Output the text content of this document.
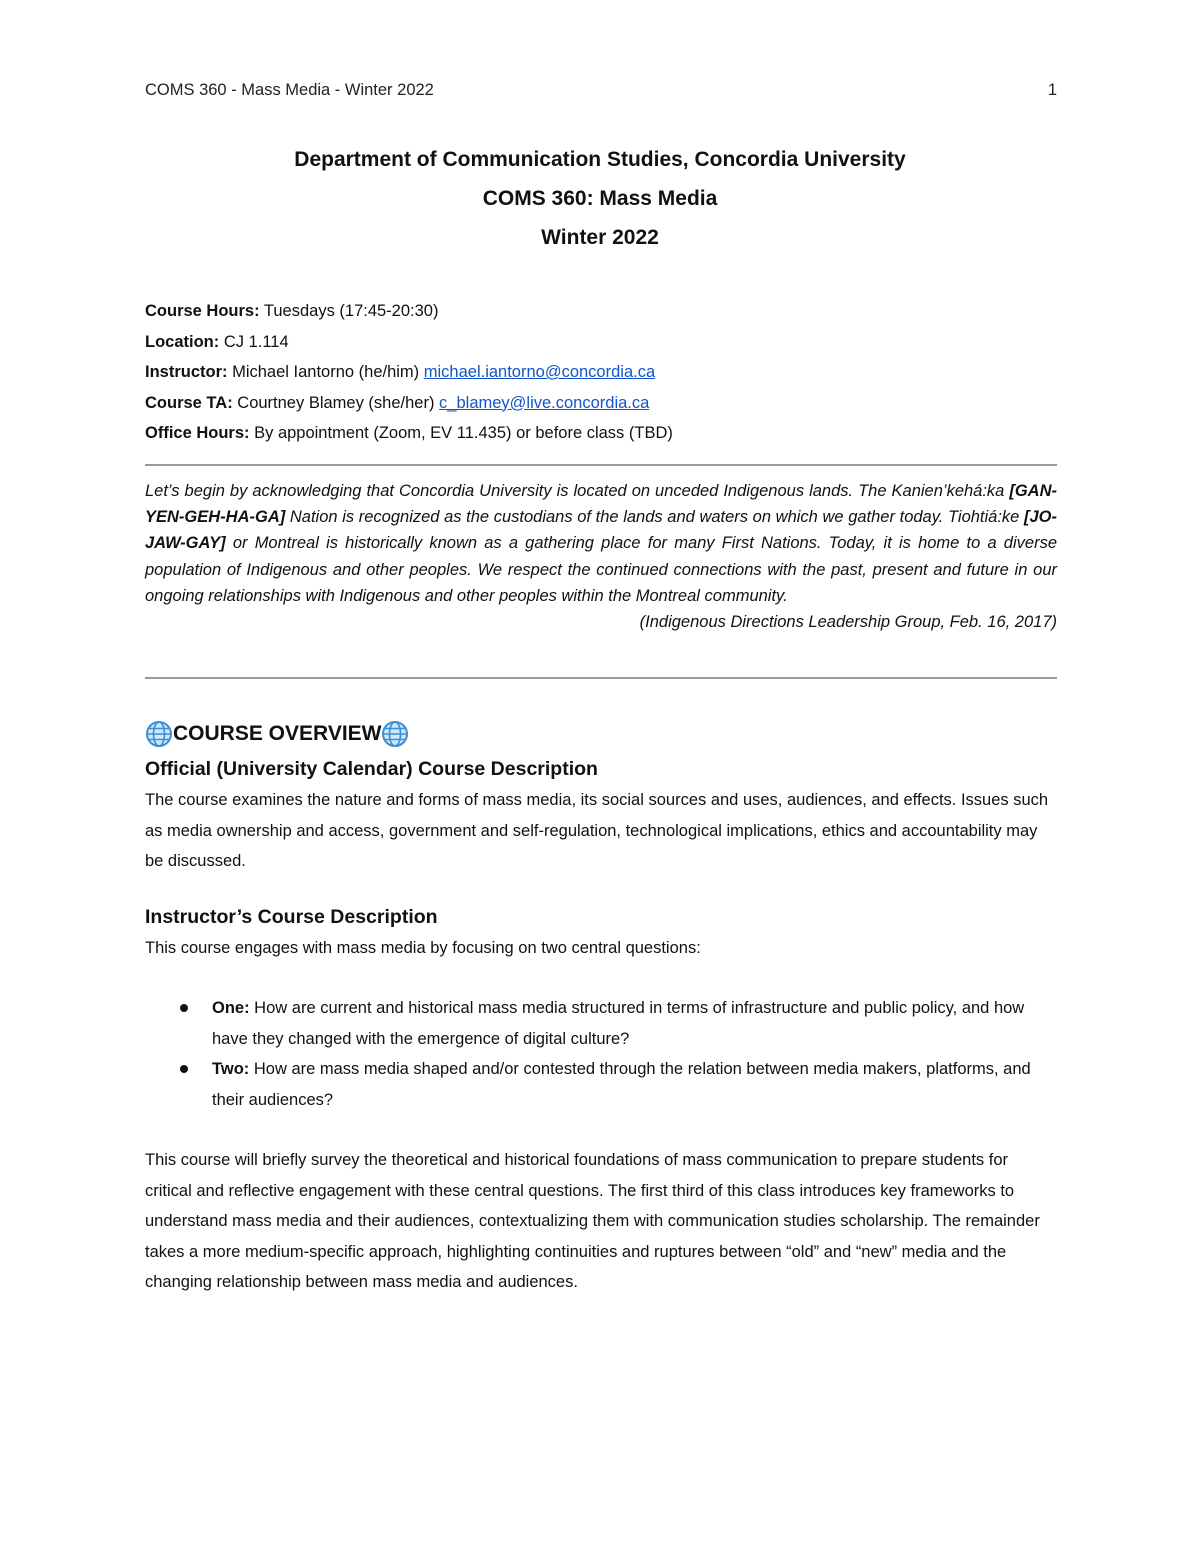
COMS 360 - Mass Media - Winter 2022	1
Department of Communication Studies, Concordia University
COMS 360: Mass Media
Winter 2022
Course Hours: Tuesdays (17:45-20:30)
Location: CJ 1.114
Instructor: Michael Iantorno (he/him) michael.iantorno@concordia.ca
Course TA: Courtney Blamey (she/her) c_blamey@live.concordia.ca
Office Hours: By appointment (Zoom, EV 11.435) or before class (TBD)
Let’s begin by acknowledging that Concordia University is located on unceded Indigenous lands. The Kanien’kehá:ka [GAN-YEN-GEH-HA-GA] Nation is recognized as the custodians of the lands and waters on which we gather today. Tiohtiá:ke [JO-JAW-GAY] or Montreal is historically known as a gathering place for many First Nations. Today, it is home to a diverse population of Indigenous and other peoples. We respect the continued connections with the past, present and future in our ongoing relationships with Indigenous and other peoples within the Montreal community.
(Indigenous Directions Leadership Group, Feb. 16, 2017)
COURSE OVERVIEW
Official (University Calendar) Course Description
The course examines the nature and forms of mass media, its social sources and uses, audiences, and effects. Issues such as media ownership and access, government and self-regulation, technological implications, ethics and accountability may be discussed.
Instructor’s Course Description
This course engages with mass media by focusing on two central questions:
One: How are current and historical mass media structured in terms of infrastructure and public policy, and how have they changed with the emergence of digital culture?
Two: How are mass media shaped and/or contested through the relation between media makers, platforms, and their audiences?
This course will briefly survey the theoretical and historical foundations of mass communication to prepare students for critical and reflective engagement with these central questions. The first third of this class introduces key frameworks to understand mass media and their audiences, contextualizing them with communication studies scholarship. The remainder takes a more medium-specific approach, highlighting continuities and ruptures between “old” and “new” media and the changing relationship between mass media and audiences.
